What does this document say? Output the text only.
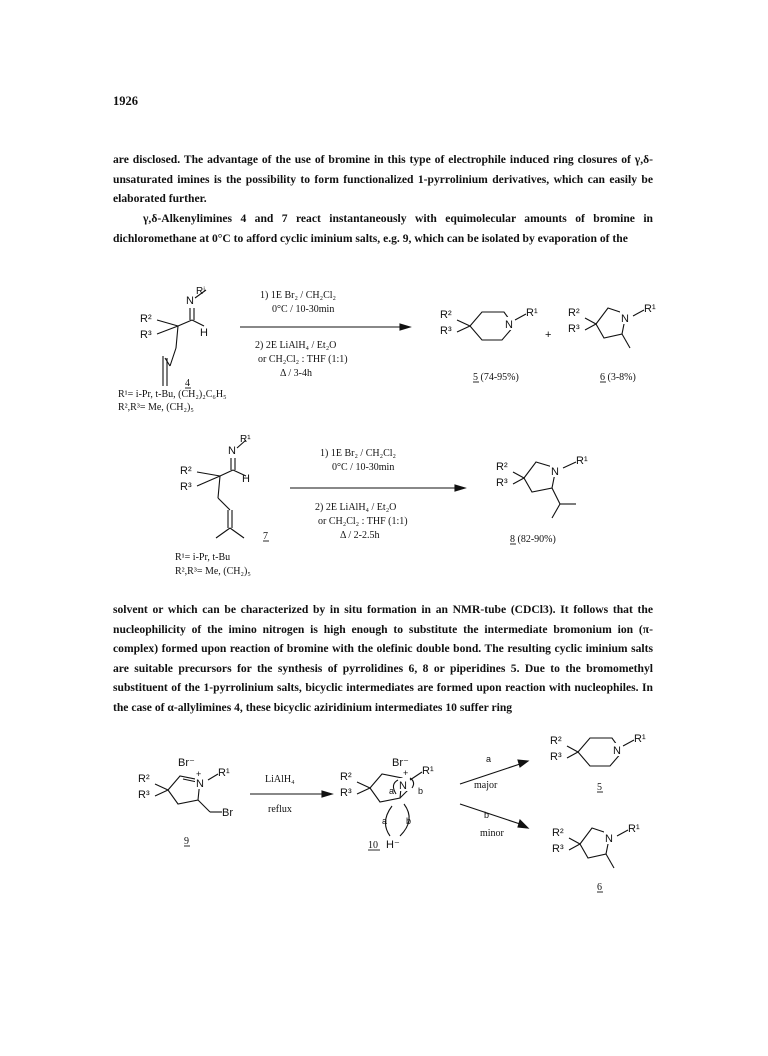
1926

are disclosed. The advantage of the use of bromine in this type of electrophile induced ring closures of γ,δ-unsaturated imines is the possibility to form functionalized 1-pyrrolinium derivatives, which can easily be elaborated further.

γ,δ-Alkenylimines 4 and 7 react instantaneously with equimolecular amounts of bromine in dichloromethane at 0°C to afford cyclic iminium salts, e.g. 9, which can be isolated by evaporation of the

N
Rⁱ
H
R²
R³
4
R¹= i-Pr, t-Bu, (CH₂)₂C₆H₅
R²,R³= Me, (CH₂)₅
1) 1E Br₂ / CH₂Cl₂
0°C / 10-30min
2) 2E LiAlH₄ / Et₂O
or CH₂Cl₂ : THF (1:1)
Δ / 3-4h
R²
R³	N
R¹
5 (74-95%)
+
R²
R³
N
R¹
6 (3-8%)
N
R¹
H
R²
R³
7
R¹= i-Pr, t-Bu
R²,R³= Me, (CH₂)₅
1) 1E Br₂ / CH₂Cl₂
0°C / 10-30min
2) 2E LiAlH₄ / Et₂O
or CH₂Cl₂ : THF (1:1)
Δ / 2-2.5h
R²
R³
N
R¹
8 (82-90%)

solvent or which can be characterized by in situ formation in an NMR-tube (CDCl3). It follows that the nucleophilicity of the imino nitrogen is high enough to substitute the intermediate bromonium ion (π-complex) formed upon reaction of bromine with the olefinic double bond. The resulting cyclic iminium salts are suitable precursors for the synthesis of pyrrolidines 6, 8 or piperidines 5. Due to the bromomethyl substituent of the 1-pyrrolinium salts, bicyclic intermediates are formed upon reaction with nucleophiles. In the case of α-allylimines 4, these bicyclic aziridinium intermediates 10 suffer ring

Br⁻
R²
R³
N
+ R¹
Br
9
LiAlH₄
reflux
Br⁻
R²
R³
N
+ R¹
a	b
a b
H⁻
10
a
major
b
minor
R²
R³	N
R¹
5
R²
R³
N
R¹
6
